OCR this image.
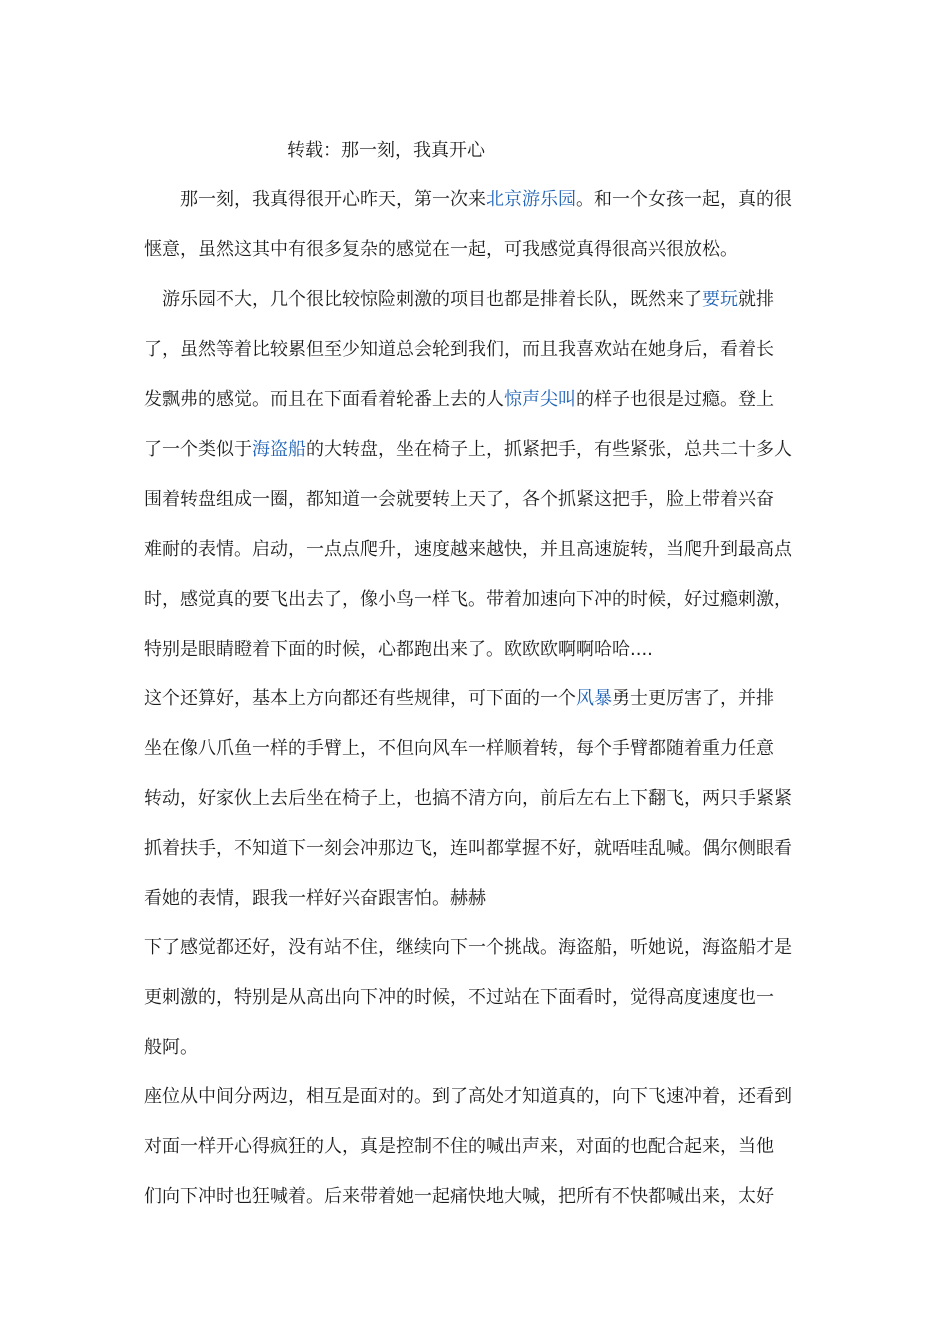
转载：那一刻，我真开心
　　那一刻，我真得很开心昨天，第一次来北京游乐园。和一个女孩一起，真的很
惬意，虽然这其中有很多复杂的感觉在一起，可我感觉真得很高兴很放松。
　游乐园不大，几个很比较惊险刺激的项目也都是排着长队，既然来了要玩就排
了，虽然等着比较累但至少知道总会轮到我们，而且我喜欢站在她身后，看着长
发飘弗的感觉。而且在下面看着轮番上去的人惊声尖叫的样子也很是过瘾。登上
了一个类似于海盗船的大转盘，坐在椅子上，抓紧把手，有些紧张，总共二十多人
围着转盘组成一圈，都知道一会就要转上天了，各个抓紧这把手，脸上带着兴奋
难耐的表情。启动，一点点爬升，速度越来越快，并且高速旋转，当爬升到最高点
时，感觉真的要飞出去了，像小鸟一样飞。带着加速向下冲的时候，好过瘾刺激，
特别是眼睛瞪着下面的时候，心都跑出来了。欧欧欧啊啊哈哈....
这个还算好，基本上方向都还有些规律，可下面的一个风暴勇士更厉害了，并排
坐在像八爪鱼一样的手臂上，不但向风车一样顺着转，每个手臂都随着重力任意
转动，好家伙上去后坐在椅子上，也搞不清方向，前后左右上下翻飞，两只手紧紧
抓着扶手，不知道下一刻会冲那边飞，连叫都掌握不好，就唔哇乱喊。偶尔侧眼看
看她的表情，跟我一样好兴奋跟害怕。赫赫
下了感觉都还好，没有站不住，继续向下一个挑战。海盗船，听她说，海盗船才是
更刺激的，特别是从高出向下冲的时候，不过站在下面看时，觉得高度速度也一
般阿。
座位从中间分两边，相互是面对的。到了高处才知道真的，向下飞速冲着，还看到
对面一样开心得疯狂的人，真是控制不住的喊出声来，对面的也配合起来，当他
们向下冲时也狂喊着。后来带着她一起痛快地大喊，把所有不快都喊出来，太好
